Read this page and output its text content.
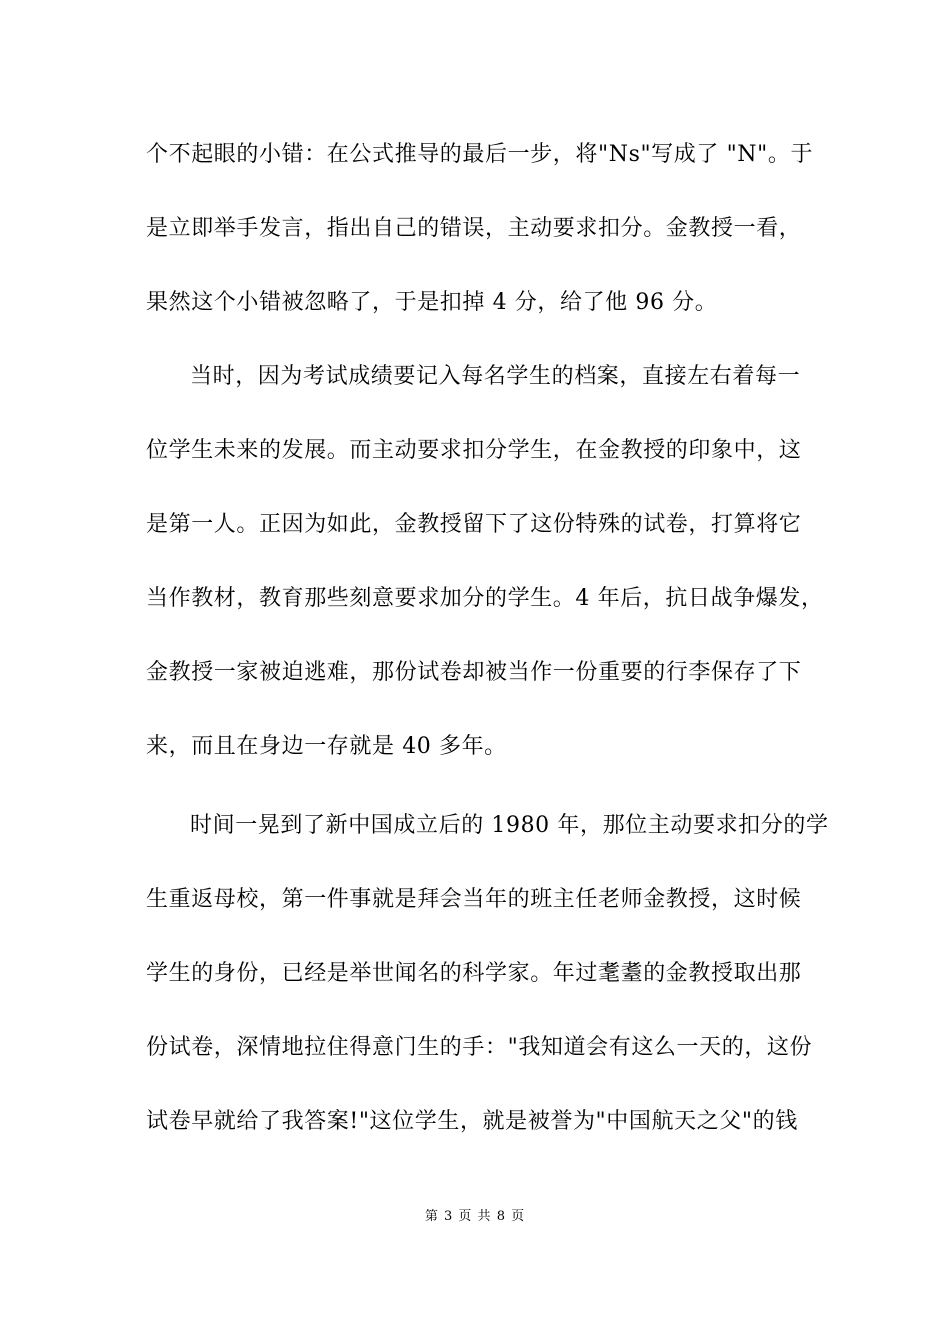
个不起眼的小错：在公式推导的最后一步，将"Ns"写成了 "N"。于
是立即举手发言，指出自己的错误，主动要求扣分。金教授一看，
果然这个小错被忽略了，于是扣掉 4 分，给了他 96 分。
当时，因为考试成绩要记入每名学生的档案，直接左右着每一
位学生未来的发展。而主动要求扣分学生，在金教授的印象中，这
是第一人。正因为如此，金教授留下了这份特殊的试卷，打算将它
当作教材，教育那些刻意要求加分的学生。4 年后，抗日战争爆发，
金教授一家被迫逃难，那份试卷却被当作一份重要的行李保存了下
来，而且在身边一存就是 40 多年。
时间一晃到了新中国成立后的 1980 年，那位主动要求扣分的学
生重返母校，第一件事就是拜会当年的班主任老师金教授，这时候
学生的身份，已经是举世闻名的科学家。年过耄耋的金教授取出那
份试卷，深情地拉住得意门生的手："我知道会有这么一天的，这份
试卷早就给了我答案!"这位学生，就是被誉为"中国航天之父"的钱
第 3 页 共 8 页
